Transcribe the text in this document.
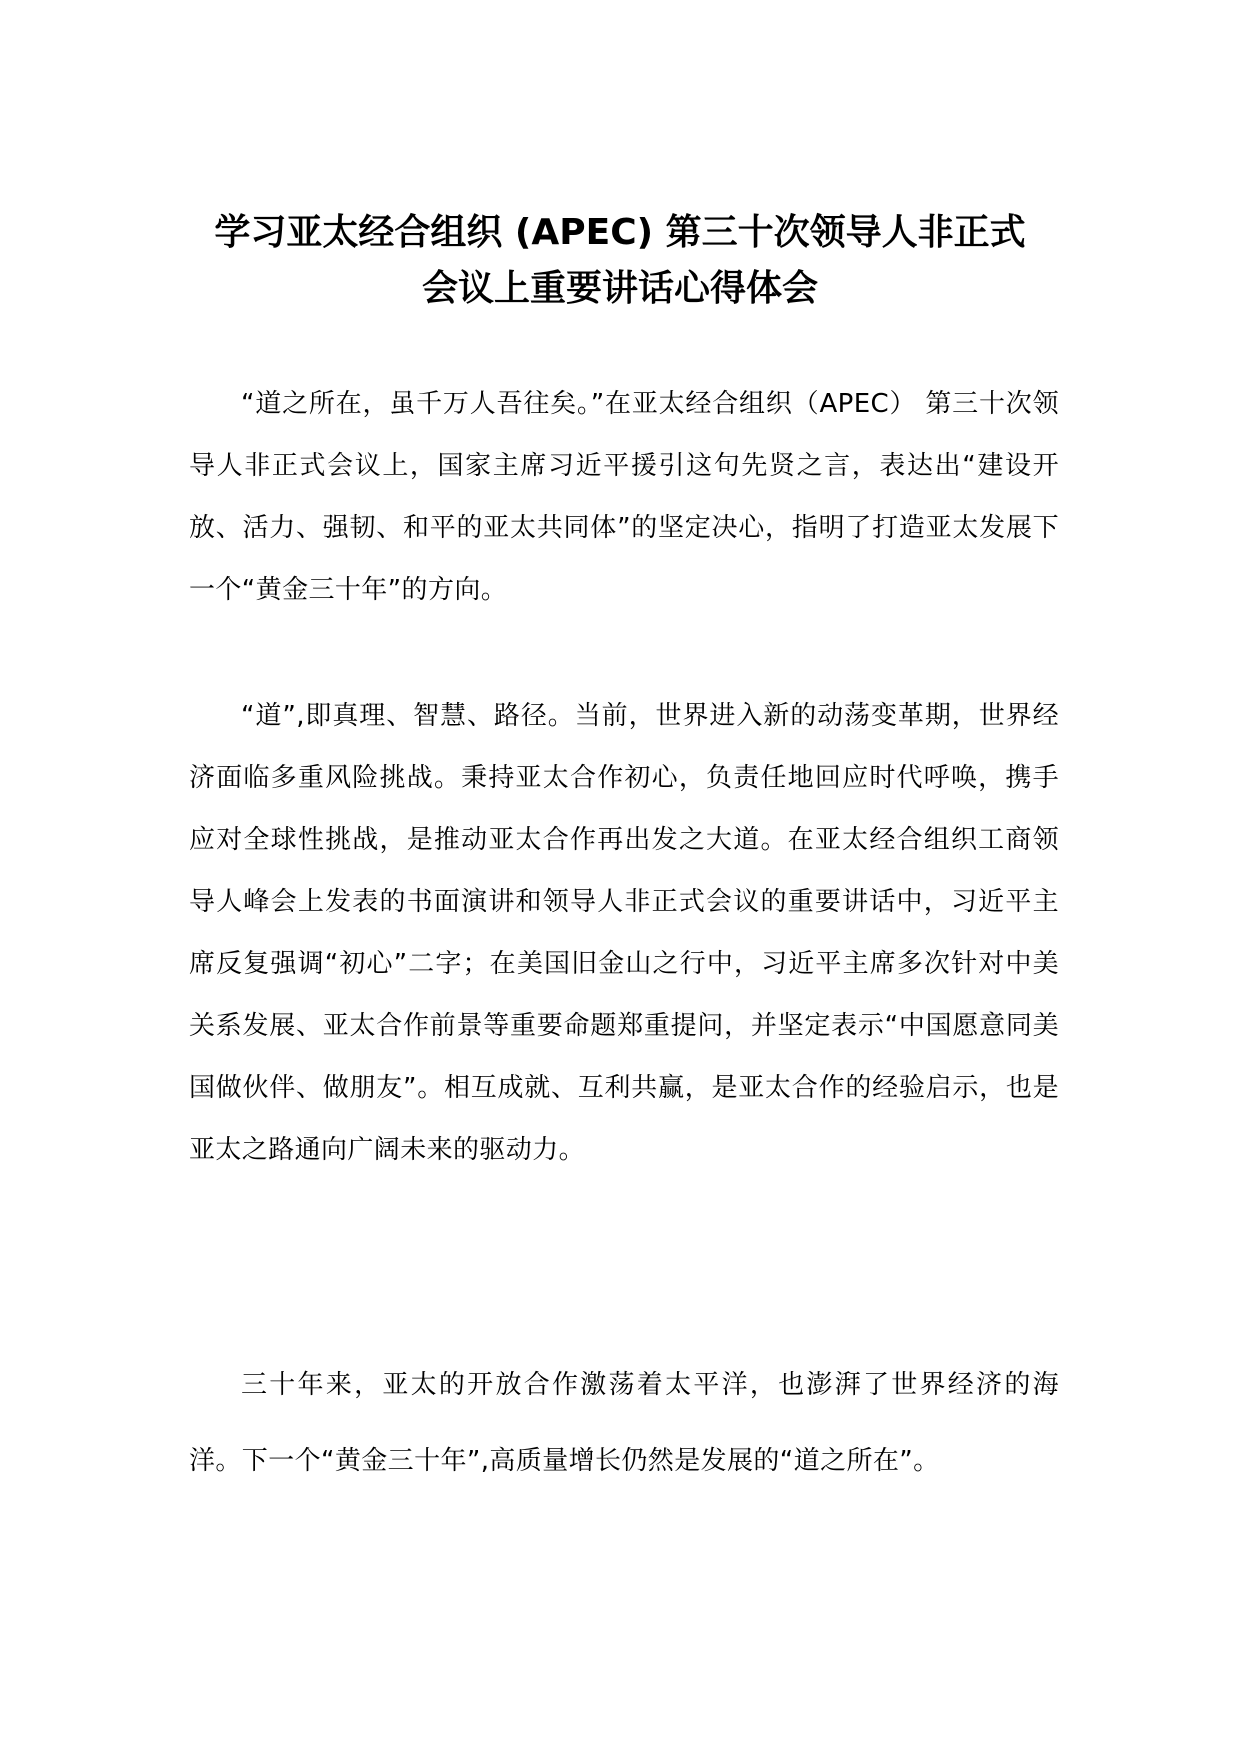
学习亚太经合组织 (APEC) 第三十次领导人非正式
会议上重要讲话心得体会

“道之所在，虽千万人吾往矣。”在亚太经合组织（APEC） 第三十次领导人非正式会议上，国家主席习近平援引这句先贤之言，表达出“建设开放、活力、强韧、和平的亚太共同体”的坚定决心，指明了打造亚太发展下一个“黄金三十年”的方向。

“道”,即真理、智慧、路径。当前，世界进入新的动荡变革期，世界经济面临多重风险挑战。秉持亚太合作初心，负责任地回应时代呼唤，携手应对全球性挑战，是推动亚太合作再出发之大道。在亚太经合组织工商领导人峰会上发表的书面演讲和领导人非正式会议的重要讲话中，习近平主席反复强调“初心”二字；在美国旧金山之行中，习近平主席多次针对中美关系发展、亚太合作前景等重要命题郑重提问，并坚定表示“中国愿意同美国做伙伴、做朋友”。相互成就、互利共赢，是亚太合作的经验启示，也是亚太之路通向广阔未来的驱动力。

三十年来，亚太的开放合作激荡着太平洋，也澎湃了世界经济的海洋。下一个“黄金三十年”,高质量增长仍然是发展的“道之所在”。
